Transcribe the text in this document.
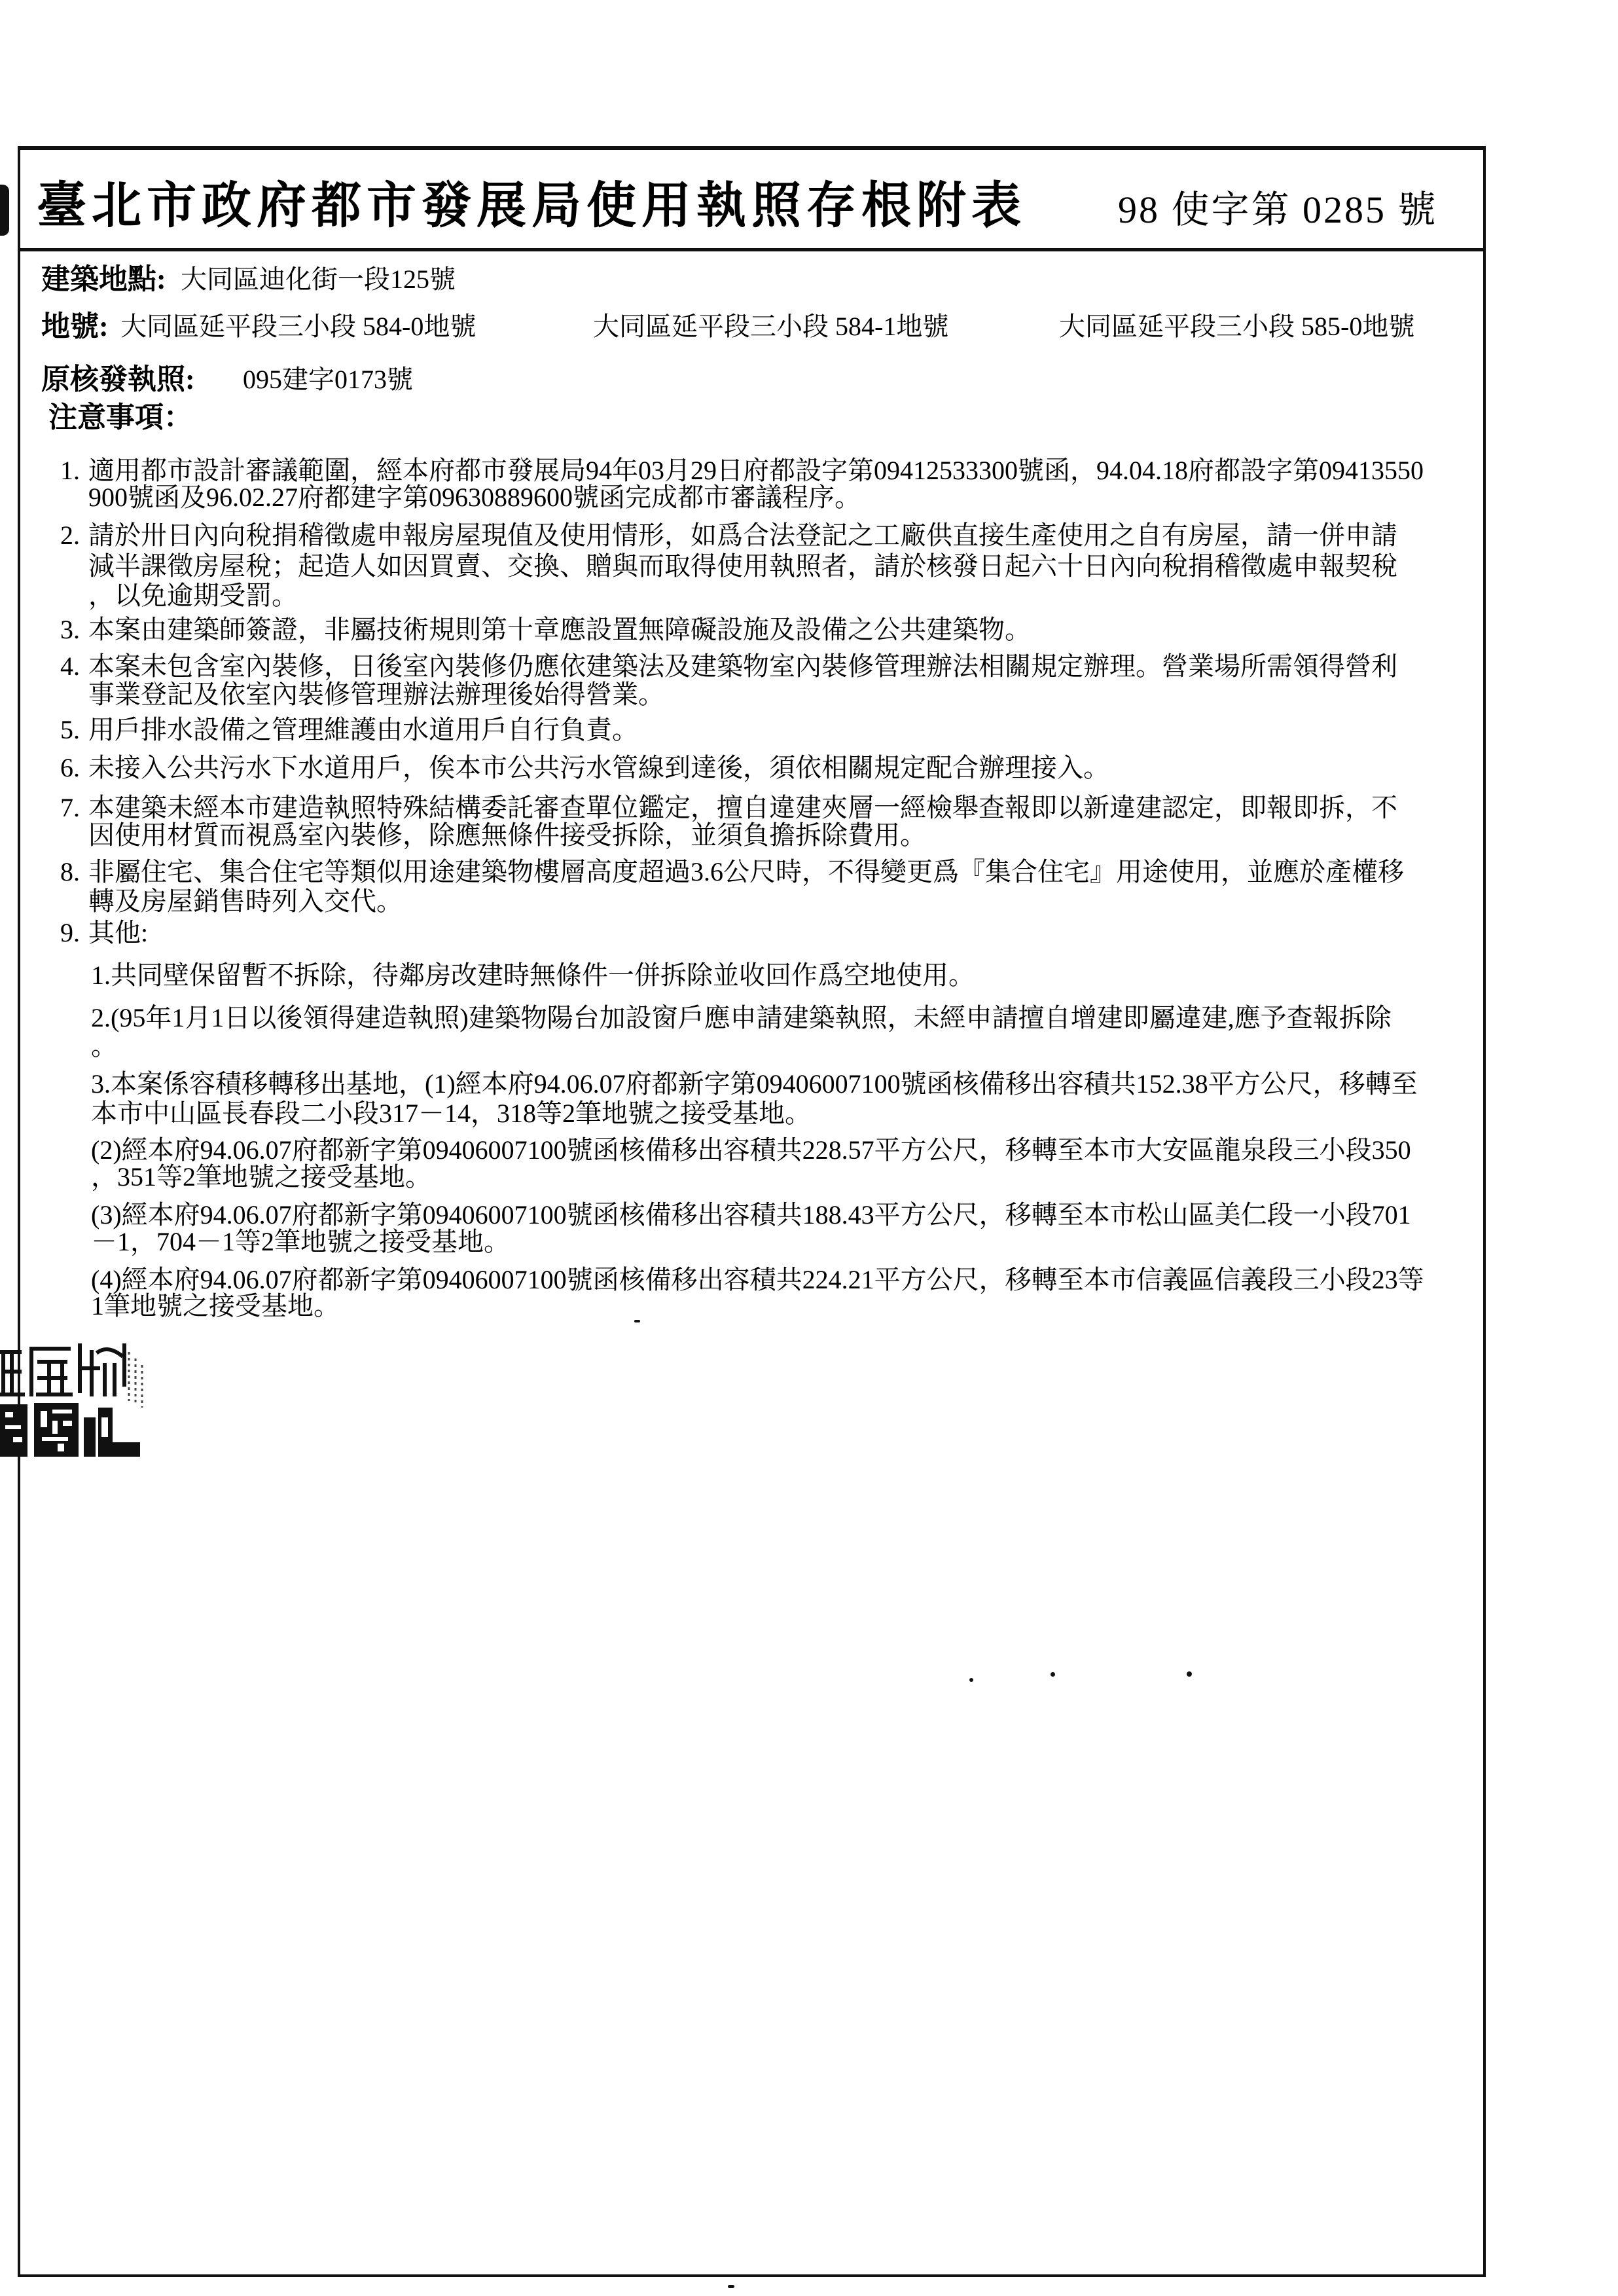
臺北市政府都市發展局使用執照存根附表 98 使字第 0285 號
建築地點: 大同區迪化街一段125號
地號: 大同區延平段三小段 584-0地號	大同區延平段三小段 584-1地號	大同區延平段三小段 585-0地號
原核發執照: 095建字0173號
注意事項：
1. 適用都市設計審議範圍，經本府都市發展局94年03月29日府都設字第09412533300號函，94.04.18府都設字第09413550
900號函及96.02.27府都建字第09630889600號函完成都市審議程序。
2. 請於卅日內向稅捐稽徵處申報房屋現值及使用情形，如爲合法登記之工廠供直接生產使用之自有房屋，請一併申請
減半課徵房屋稅；起造人如因買賣、交換、贈與而取得使用執照者，請於核發日起六十日內向稅捐稽徵處申報契稅
，以免逾期受罰。
3. 本案由建築師簽證，非屬技術規則第十章應設置無障礙設施及設備之公共建築物。
4. 本案未包含室內裝修，日後室內裝修仍應依建築法及建築物室內裝修管理辦法相關規定辦理。營業場所需領得營利
事業登記及依室內裝修管理辦法辦理後始得營業。
5. 用戶排水設備之管理維護由水道用戶自行負責。
6. 未接入公共污水下水道用戶，俟本市公共污水管線到達後，須依相關規定配合辦理接入。
7. 本建築未經本市建造執照特殊結構委託審查單位鑑定，擅自違建夾層一經檢舉查報即以新違建認定，即報即拆，不
因使用材質而視爲室內裝修，除應無條件接受拆除，並須負擔拆除費用。
8. 非屬住宅、集合住宅等類似用途建築物樓層高度超過3.6公尺時，不得變更爲『集合住宅』用途使用，並應於產權移
轉及房屋銷售時列入交代。
9. 其他:
1.共同壁保留暫不拆除，待鄰房改建時無條件一併拆除並收回作爲空地使用。
2.(95年1月1日以後領得建造執照)建築物陽台加設窗戶應申請建築執照，未經申請擅自增建即屬違建,應予查報拆除
。
3.本案係容積移轉移出基地，(1)經本府94.06.07府都新字第09406007100號函核備移出容積共152.38平方公尺，移轉至
本市中山區長春段二小段317－14，318等2筆地號之接受基地。
(2)經本府94.06.07府都新字第09406007100號函核備移出容積共228.57平方公尺，移轉至本市大安區龍泉段三小段350
，351等2筆地號之接受基地。
(3)經本府94.06.07府都新字第09406007100號函核備移出容積共188.43平方公尺，移轉至本市松山區美仁段一小段701
－1，704－1等2筆地號之接受基地。
(4)經本府94.06.07府都新字第09406007100號函核備移出容積共224.21平方公尺，移轉至本市信義區信義段三小段23等
1筆地號之接受基地。
